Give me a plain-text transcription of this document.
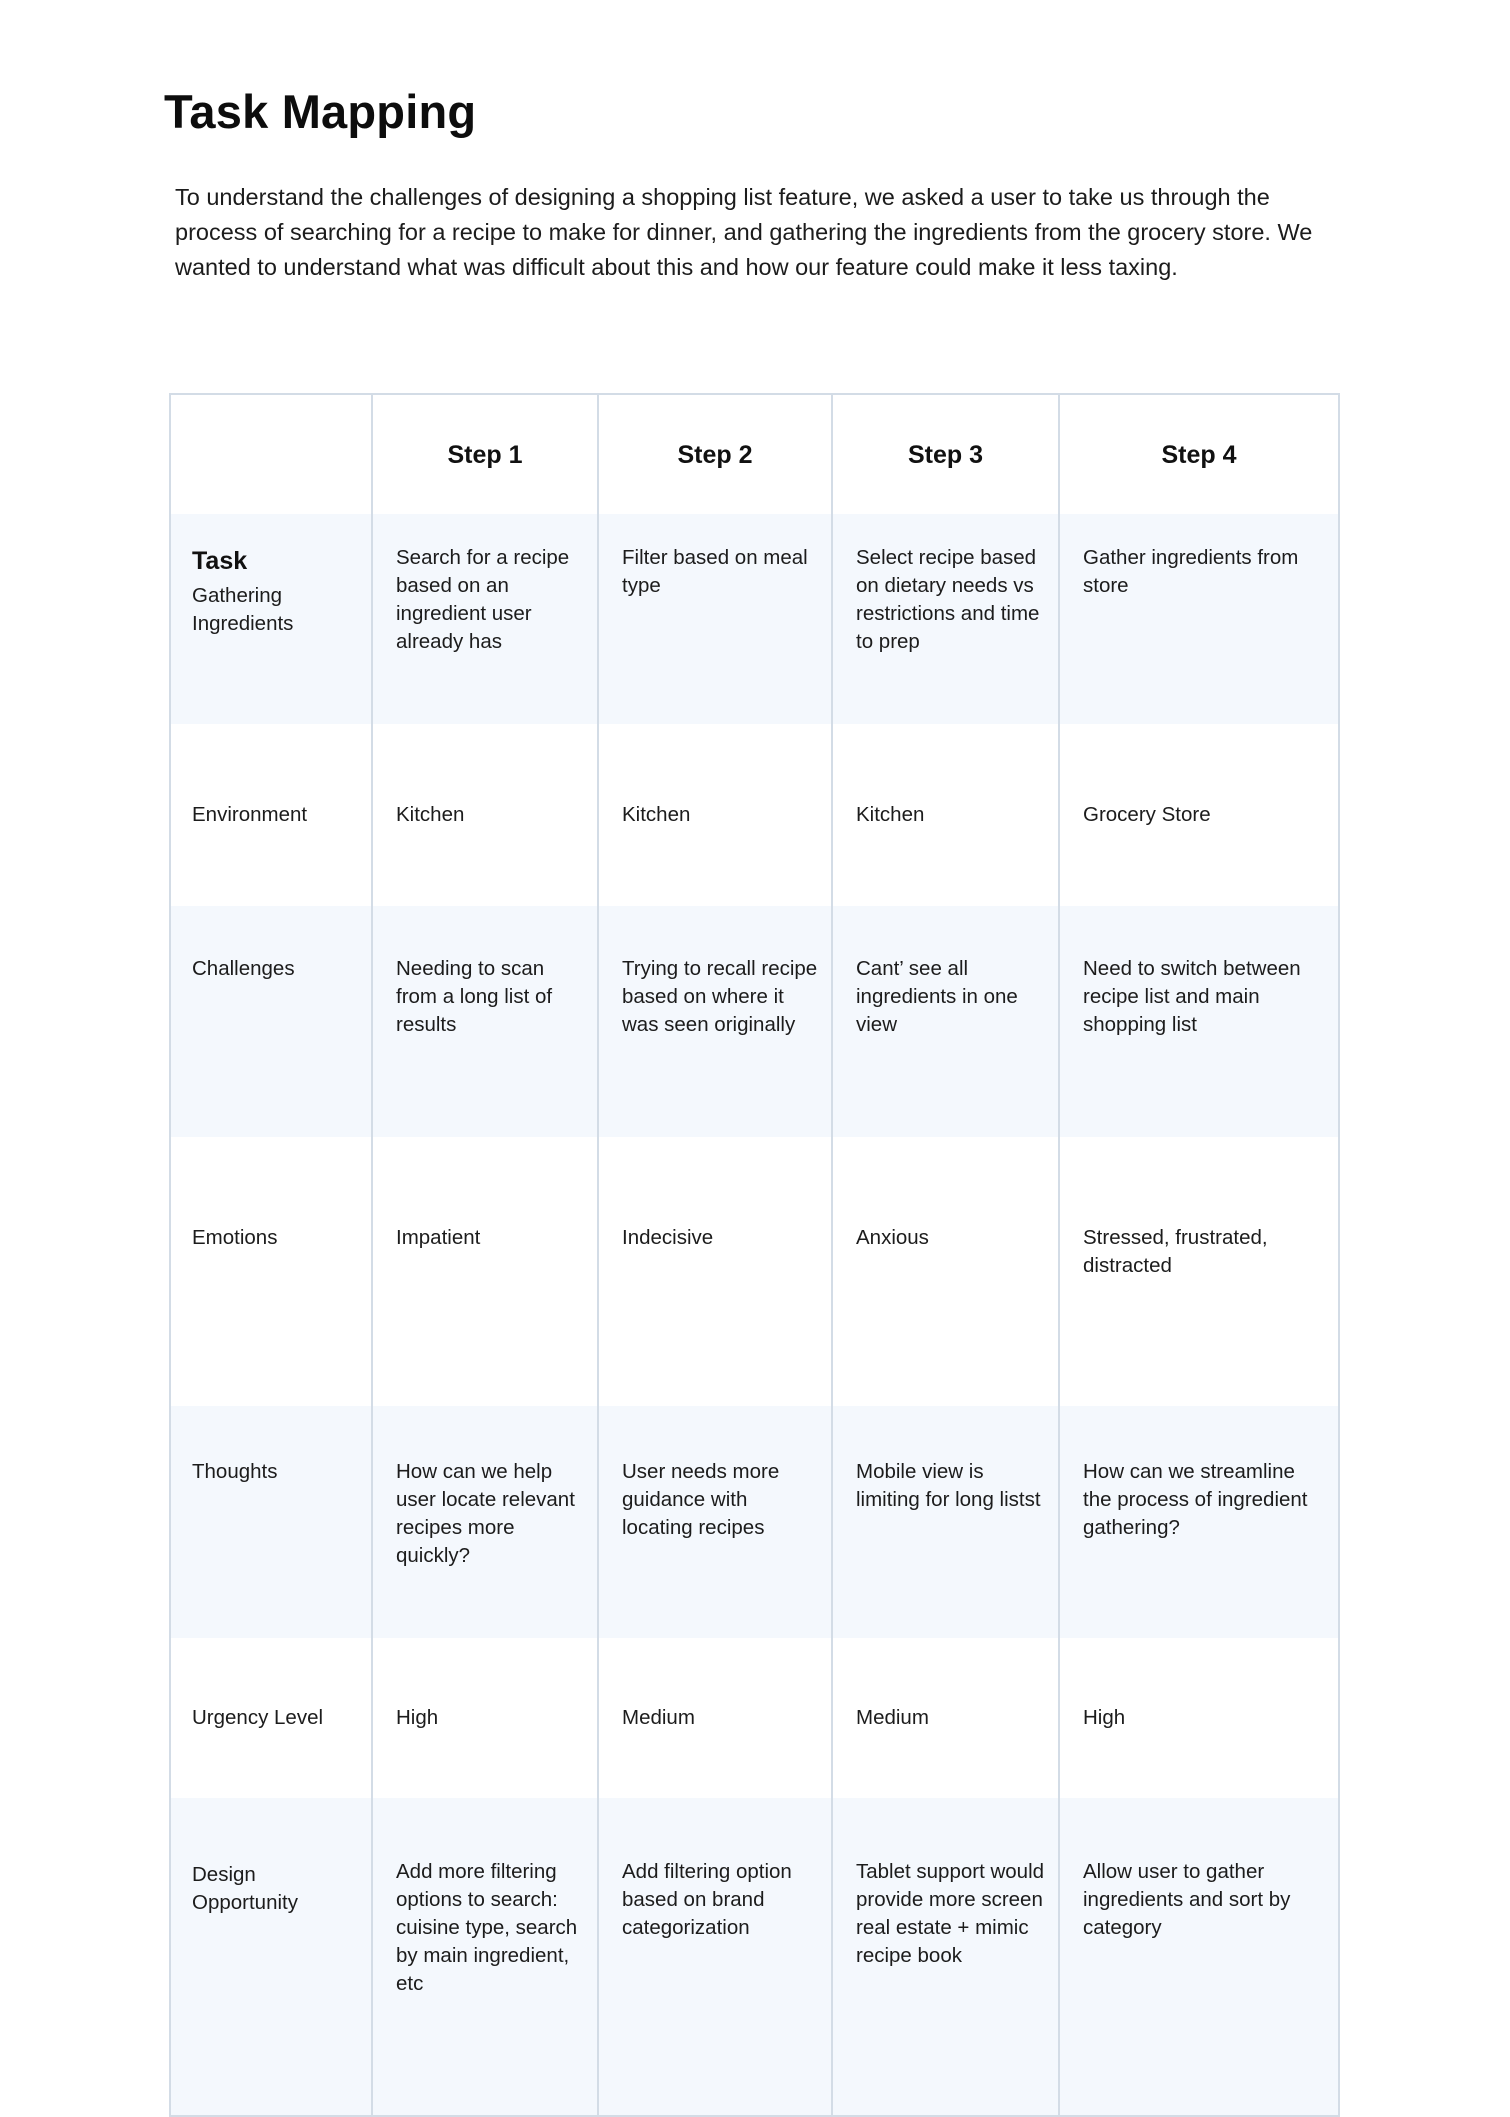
Task Mapping

To understand the challenges of designing a shopping list feature, we asked a user to take us through the process of searching for a recipe to make for dinner, and gathering the ingredients from the grocery store. We wanted to understand what was difficult about this and how our feature could make it less taxing.

	Step 1	Step 2	Step 3	Step 4

Task
Gathering Ingredients	Search for a recipe based on an ingredient user already has	Filter based on meal type	Select recipe based on dietary needs vs restrictions and time to prep	Gather ingredients from store

Environment	Kitchen	Kitchen	Kitchen	Grocery Store

Challenges	Needing to scan from a long list of results	Trying to recall recipe based on where it was seen originally	Cant’ see all ingredients in one view	Need to switch between recipe list and main shopping list

Emotions	Impatient	Indecisive	Anxious	Stressed, frustrated, distracted

Thoughts	How can we help user locate relevant recipes more quickly?	User needs more guidance with locating recipes	Mobile view is limiting for long listst	How can we streamline the process of ingredient gathering?

Urgency Level	High	Medium	Medium	High

Design Opportunity	Add more filtering options to search: cuisine type, search by main ingredient, etc	Add filtering option based on brand categorization	Tablet support would provide more screen real estate + mimic recipe book	Allow user to gather ingredients and sort by category
